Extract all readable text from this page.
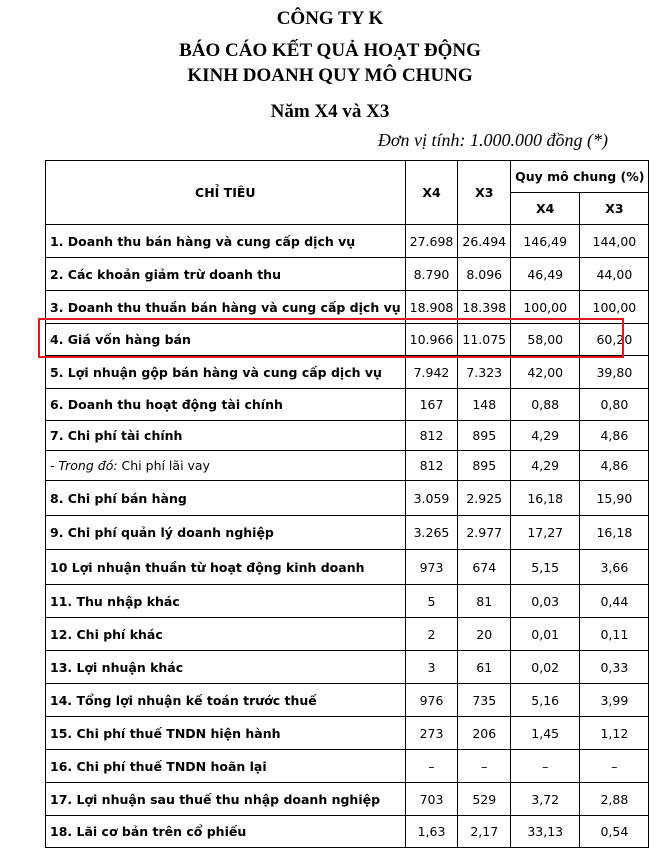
CÔNG TY K
BÁO CÁO KẾT QUẢ HOẠT ĐỘNG
KINH DOANH QUY MÔ CHUNG
Năm X4 và X3
Đơn vị tính: 1.000.000 đồng (*)
CHỈ TIÊU	X4	X3	Quy mô chung (%)	
			X4	X3
1. Doanh thu bán hàng và cung cấp dịch vụ	27.698	26.494	146,49	144,00
2. Các khoản giảm trừ doanh thu	8.790	8.096	46,49	44,00
3. Doanh thu thuần bán hàng và cung cấp dịch vụ	18.908	18.398	100,00	100,00
4. Giá vốn hàng bán	10.966	11.075	58,00	60,20
5. Lợi nhuận gộp bán hàng và cung cấp dịch vụ	7.942	7.323	42,00	39,80
6. Doanh thu hoạt động tài chính	167	148	0,88	0,80
7. Chi phí tài chính	812	895	4,29	4,86
- Trong đó: Chi phí lãi vay	812	895	4,29	4,86
8. Chi phí bán hàng	3.059	2.925	16,18	15,90
9. Chi phí quản lý doanh nghiệp	3.265	2.977	17,27	16,18
10 Lợi nhuận thuần từ hoạt động kinh doanh	973	674	5,15	3,66
11. Thu nhập khác	5	81	0,03	0,44
12. Chi phí khác	2	20	0,01	0,11
13. Lợi nhuận khác	3	61	0,02	0,33
14. Tổng lợi nhuận kế toán trước thuế	976	735	5,16	3,99
15. Chi phí thuế TNDN hiện hành	273	206	1,45	1,12
16. Chi phí thuế TNDN hoãn lại	–	–	–	–
17. Lợi nhuận sau thuế thu nhập doanh nghiệp	703	529	3,72	2,88
18. Lãi cơ bản trên cổ phiếu	1,63	2,17	33,13	0,54
